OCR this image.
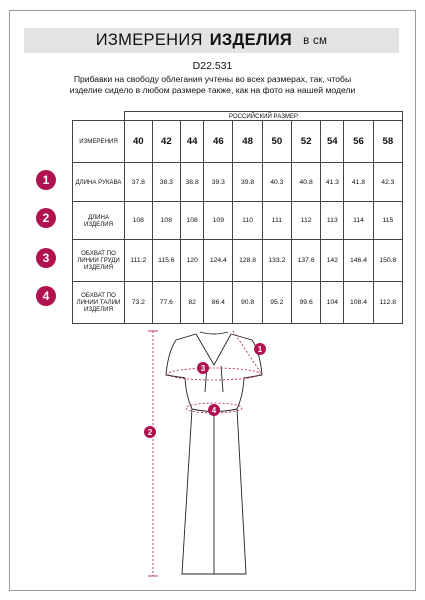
ИЗМЕРЕНИЯ ИЗДЕЛИЯ в см
D22.531
Прибавки на свободу облегания учтены во всех размерах, так, чтобы изделие сидело в любом размере также, как на фото на нашей модели
	РОССИЙСКИЙ РАЗМЕР									
ИЗМЕРЕНИЯ	40	42	44	46	48	50	52	54	56	58
ДЛИНА РУКАВА	37.8	38.3	38.8	39.3	39.8	40.3	40.8	41.3	41.8	42.3
ДЛИНА ИЗДЕЛИЯ	108	108	108	109	110	111	112	113	114	115
ОБХВАТ ПО ЛИНИИ ГРУДИ ИЗДЕЛИЯ	111.2	115.6	120	124.4	128.8	133.2	137.6	142	146.4	150.8
ОБХВАТ ПО ЛИНИИ ТАЛИИ ИЗДЕЛИЯ	73.2	77.6	82	86.4	90.8	95.2	99.6	104	108.4	112.8
1
2
3
4
1
2
3
4
